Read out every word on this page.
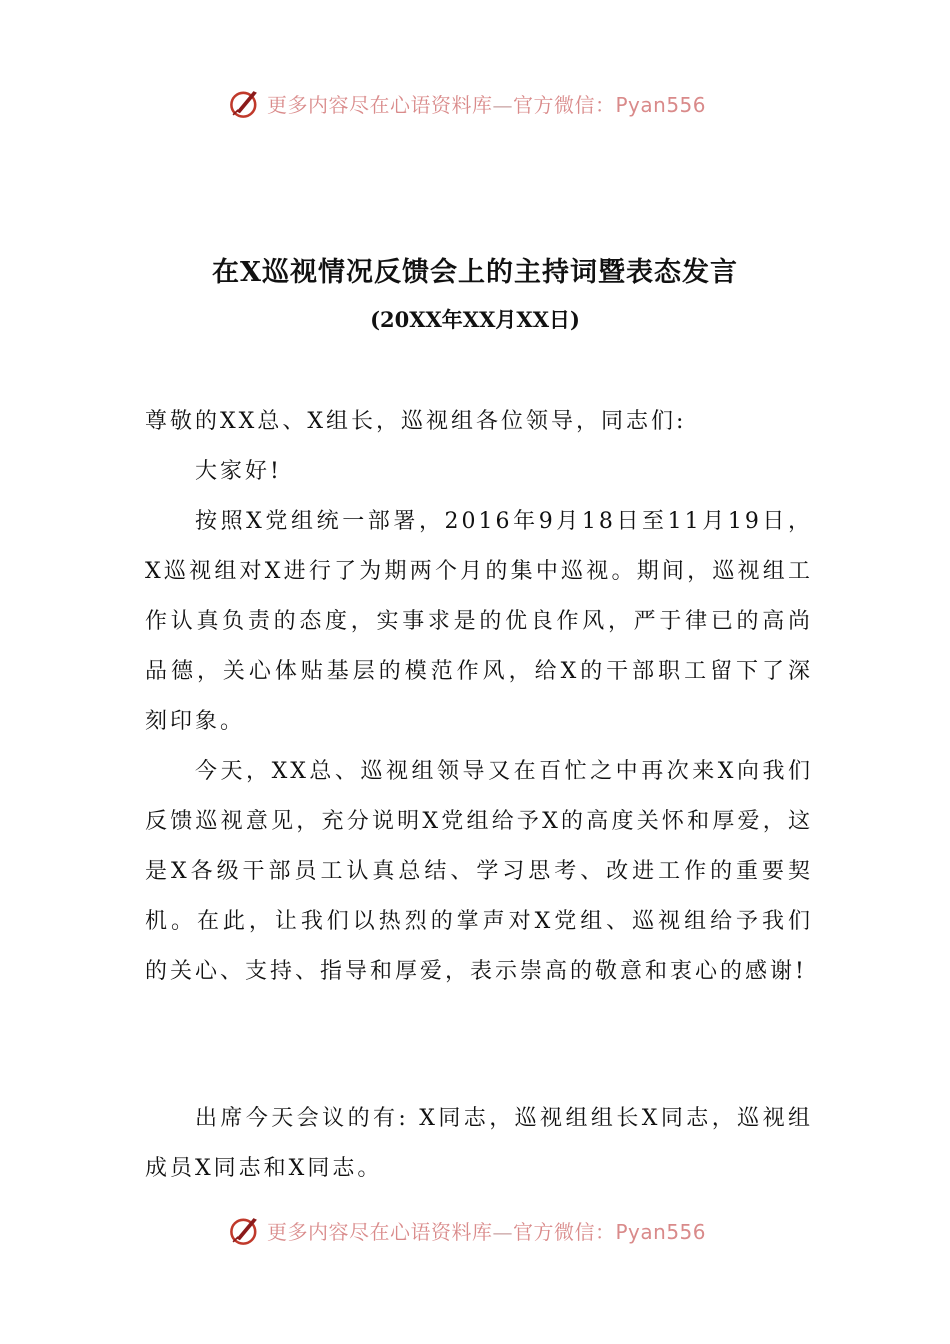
更多内容尽在心语资料库—官方微信：Pyan556
在X巡视情况反馈会上的主持词暨表态发言
(20XX年XX月XX日)
尊敬的XX总、X组长，巡视组各位领导，同志们:
大家好!
按照X党组统一部署，2016年9月18日至11月19日，X巡视组对X进行了为期两个月的集中巡视。期间，巡视组工作认真负责的态度，实事求是的优良作风，严于律已的高尚品德，关心体贴基层的模范作风，给X的干部职工留下了深刻印象。
今天，XX总、巡视组领导又在百忙之中再次来X向我们反馈巡视意见，充分说明X党组给予X的高度关怀和厚爱，这是X各级干部员工认真总结、学习思考、改进工作的重要契机。在此，让我们以热烈的掌声对X党组、巡视组给予我们的关心、支持、指导和厚爱，表示崇高的敬意和衷心的感谢!
出席今天会议的有: X同志，巡视组组长X同志，巡视组成员X同志和X同志。
更多内容尽在心语资料库—官方微信：Pyan556
